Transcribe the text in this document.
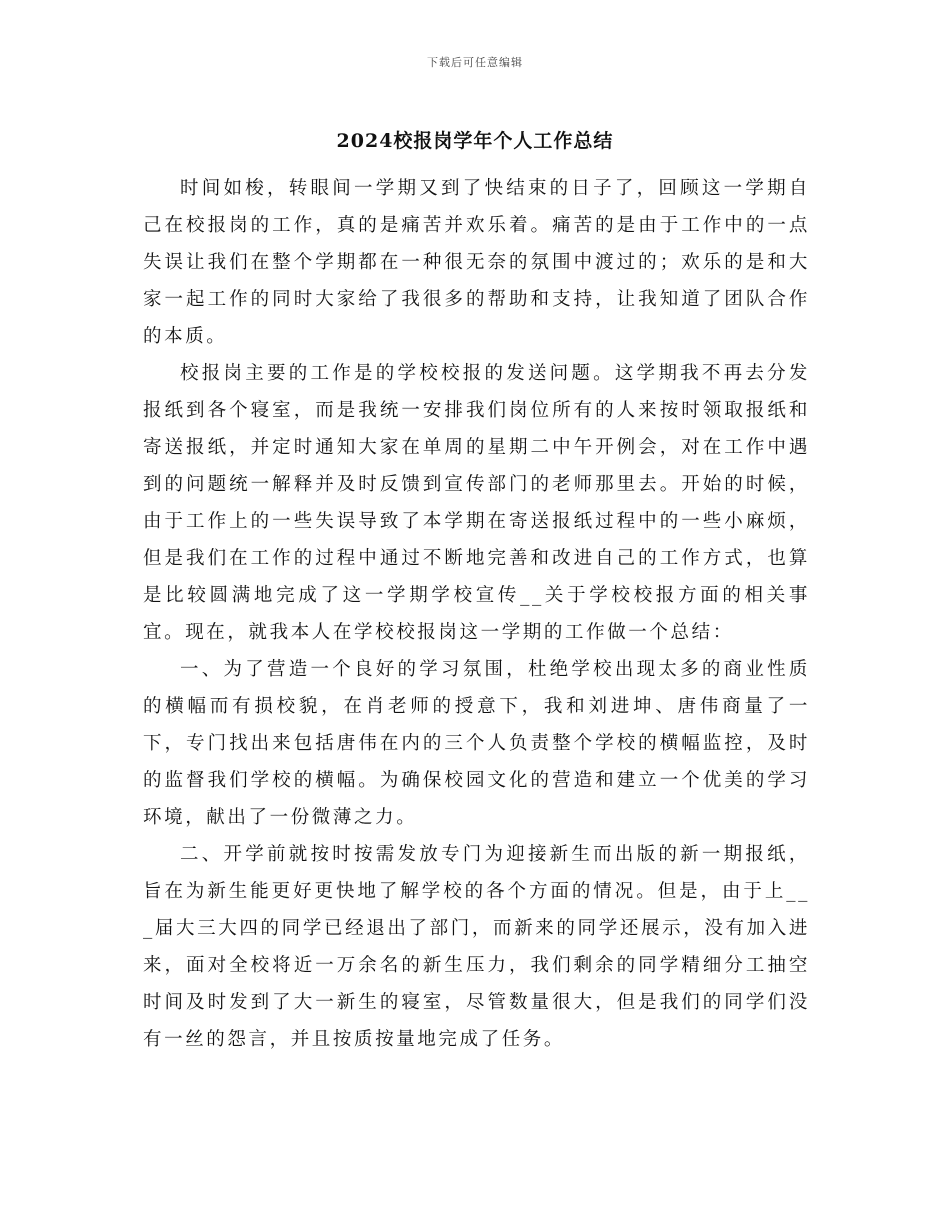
下载后可任意编辑
2024校报岗学年个人工作总结

时间如梭，转眼间一学期又到了快结束的日子了，回顾这一学期自己在校报岗的工作，真的是痛苦并欢乐着。痛苦的是由于工作中的一点失误让我们在整个学期都在一种很无奈的氛围中渡过的；欢乐的是和大家一起工作的同时大家给了我很多的帮助和支持，让我知道了团队合作的本质。

校报岗主要的工作是的学校校报的发送问题。这学期我不再去分发报纸到各个寝室，而是我统一安排我们岗位所有的人来按时领取报纸和寄送报纸，并定时通知大家在单周的星期二中午开例会，对在工作中遇到的问题统一解释并及时反馈到宣传部门的老师那里去。开始的时候，由于工作上的一些失误导致了本学期在寄送报纸过程中的一些小麻烦，但是我们在工作的过程中通过不断地完善和改进自己的工作方式，也算是比较圆满地完成了这一学期学校宣传__关于学校校报方面的相关事宜。现在，就我本人在学校校报岗这一学期的工作做一个总结：

一、为了营造一个良好的学习氛围，杜绝学校出现太多的商业性质的横幅而有损校貌，在肖老师的授意下，我和刘进坤、唐伟商量了一下，专门找出来包括唐伟在内的三个人负责整个学校的横幅监控，及时的监督我们学校的横幅。为确保校园文化的营造和建立一个优美的学习环境，献出了一份微薄之力。

二、开学前就按时按需发放专门为迎接新生而出版的新一期报纸，旨在为新生能更好更快地了解学校的各个方面的情况。但是，由于上___届大三大四的同学已经退出了部门，而新来的同学还展示，没有加入进来，面对全校将近一万余名的新生压力，我们剩余的同学精细分工抽空时间及时发到了大一新生的寝室，尽管数量很大，但是我们的同学们没有一丝的怨言，并且按质按量地完成了任务。
